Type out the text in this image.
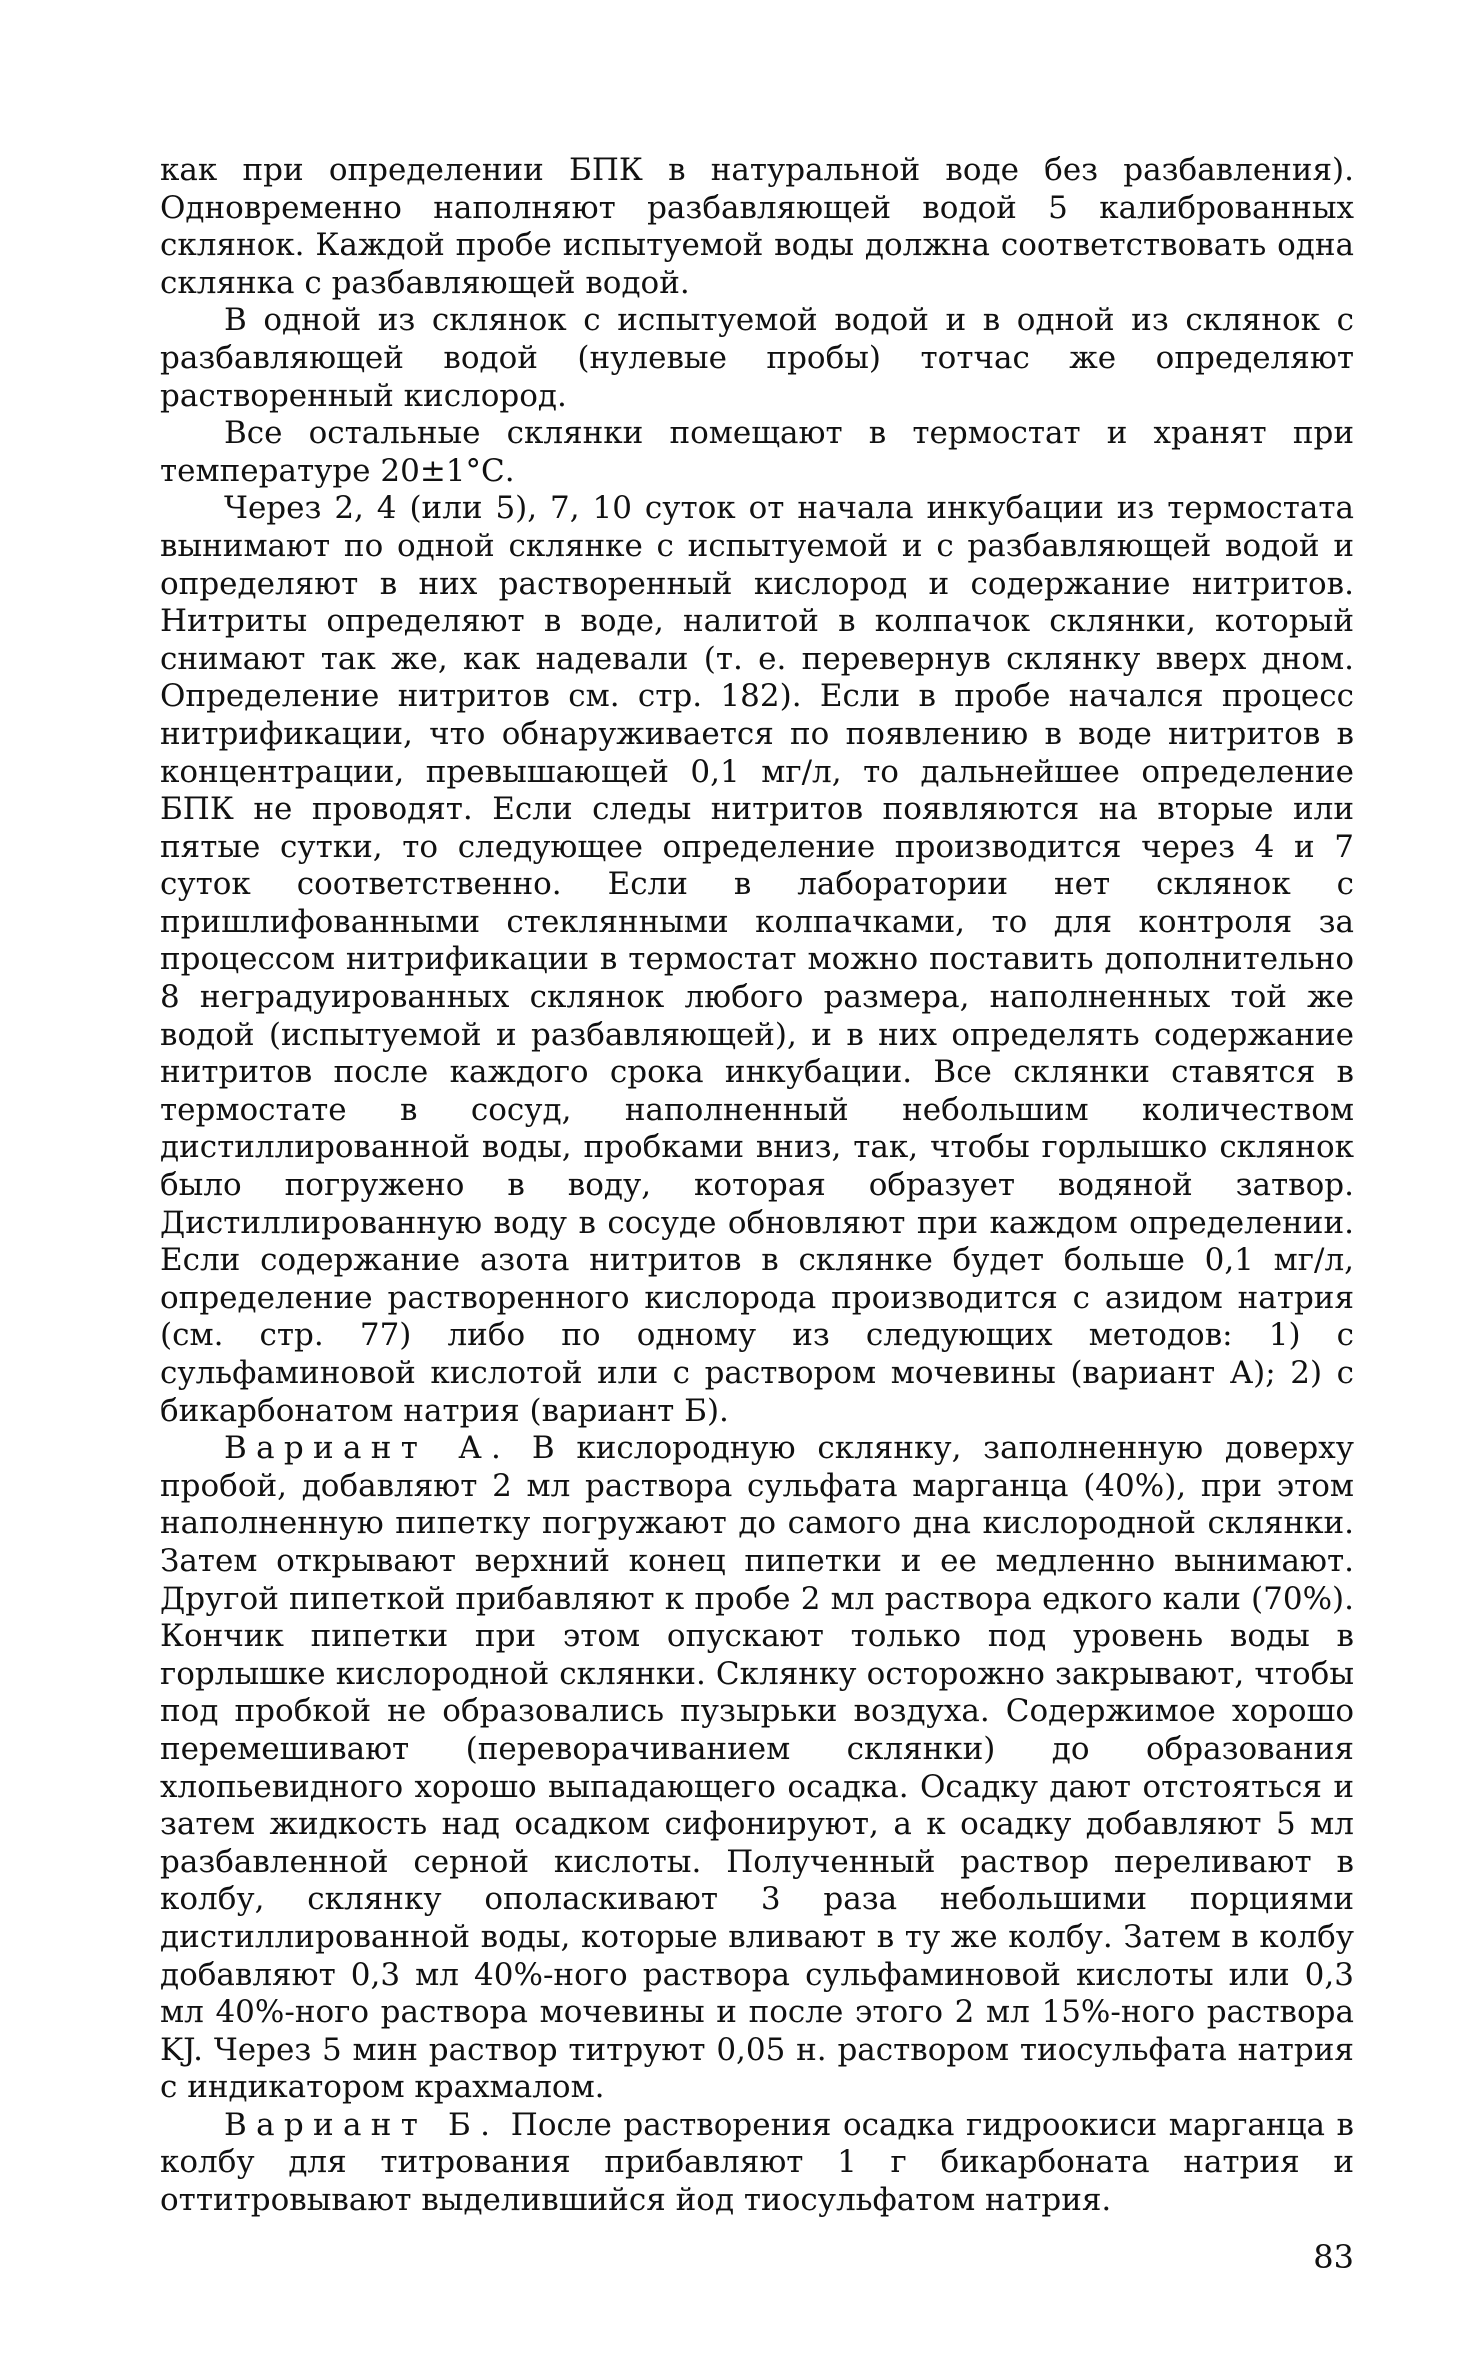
как при определении БПК в натуральной воде без разбавления). Одновременно наполняют разбавляющей водой 5 калиброванных склянок. Каждой пробе испытуемой воды должна соответствовать одна склянка с разбавляющей водой.

В одной из склянок с испытуемой водой и в одной из склянок с разбавляющей водой (нулевые пробы) тотчас же определяют растворенный кислород.

Все остальные склянки помещают в термостат и хранят при температуре 20±1°С.

Через 2, 4 (или 5), 7, 10 суток от начала инкубации из термостата вынимают по одной склянке с испытуемой и с разбавляющей водой и определяют в них растворенный кислород и содержание нитритов. Нитриты определяют в воде, налитой в колпачок склянки, который снимают так же, как надевали (т. е. перевернув склянку вверх дном. Определение нитритов см. стр. 182). Если в пробе начался процесс нитрификации, что обнаруживается по появлению в воде нитритов в концентрации, превышающей 0,1 мг/л, то дальнейшее определение БПК не проводят. Если следы нитритов появляются на вторые или пятые сутки, то следующее определение производится через 4 и 7 суток соответственно. Если в лаборатории нет склянок с пришлифованными стеклянными колпачками, то для контроля за процессом нитрификации в термостат можно поставить дополнительно 8 неградуированных склянок любого размера, наполненных той же водой (испытуемой и разбавляющей), и в них определять содержание нитритов после каждого срока инкубации. Все склянки ставятся в термостате в сосуд, наполненный небольшим количеством дистиллированной воды, пробками вниз, так, чтобы горлышко склянок было погружено в воду, которая образует водяной затвор. Дистиллированную воду в сосуде обновляют при каждом определении. Если содержание азота нитритов в склянке будет больше 0,1 мг/л, определение растворенного кислорода производится с азидом натрия (см. стр. 77) либо по одному из следующих методов: 1) с сульфаминовой кислотой или с раствором мочевины (вариант А); 2) с бикарбонатом натрия (вариант Б).

Вариант А. В кислородную склянку, заполненную доверху пробой, добавляют 2 мл раствора сульфата марганца (40%), при этом наполненную пипетку погружают до самого дна кислородной склянки. Затем открывают верхний конец пипетки и ее медленно вынимают. Другой пипеткой прибавляют к пробе 2 мл раствора едкого кали (70%). Кончик пипетки при этом опускают только под уровень воды в горлышке кислородной склянки. Склянку осторожно закрывают, чтобы под пробкой не образовались пузырьки воздуха. Содержимое хорошо перемешивают (переворачиванием склянки) до образования хлопьевидного хорошо выпадающего осадка. Осадку дают отстояться и затем жидкость над осадком сифонируют, а к осадку добавляют 5 мл разбавленной серной кислоты. Полученный раствор переливают в колбу, склянку ополаскивают 3 раза небольшими порциями дистиллированной воды, которые вливают в ту же колбу. Затем в колбу добавляют 0,3 мл 40%-ного раствора сульфаминовой кислоты или 0,3 мл 40%-ного раствора мочевины и после этого 2 мл 15%-ного раствора KJ. Через 5 мин раствор титруют 0,05 н. раствором тиосульфата натрия с индикатором крахмалом.

Вариант Б. После растворения осадка гидроокиси марганца в колбу для титрования прибавляют 1 г бикарбоната натрия и оттитровывают выделившийся йод тиосульфатом натрия.

83
